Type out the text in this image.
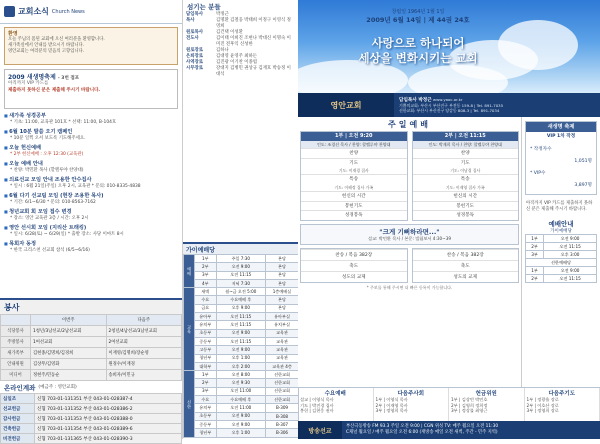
교회소식 Church News
환영

오늘 주님의 몸된 교회에 오신 여러분을 환영합니다.

새가족실에서 안내를 받으시기 바랍니다.

영안교회는 여러분의 믿음의 고향입니다.

2009 새생명축제 - 3번 접포

아직까지 VIP 카드를

제출하지 못하신 분은 제출해 주시기 바랍니다.

■ 새가족 성경공부
* 기초: 11:00, 교육관 101호 * 선택: 11:00, B-104호
■ 6월 10분 말씀 오기 캠페인
* 10분 일찍 오셔 보도록 기도해주세요.
■ 오늘 헌신예배
* 2부 헌신예배 : 오후 12:30 (교육관)
■ 오늘 예배 안내
* 찬양: 박민환 목사 (할렐루야 찬양대)
■ 의료선교 모임 안내 조용한 안수집사
* 일시 : 6월 21일(주일) 오후 2시, 교육관 * 문의: 010-8335-4838
■ 6월 다기 선교팀 모임 (현장 조용한 목사)
* 기간: 6/1~6/30 * 문의: 010-8563-7162
■ 청년교회 회 모임 접수 변경
* 장소: 영안 교육관 3층 / 시간: 오후 2시
■ 영안 선시회 모임 (지리산 트래킹)
* 일시: 6/28(토) ~ 6/29(일) * 출발 장소: 사당 이마트 8시
■ 목회자 동정
* 한국 크리스천 선교회 참석 (6/5~6/16)
봉사
	이번주	다음주
식당봉사	1청년/3남선교/2남선교회	2청년/4남선교/3남선교회
주방봉사	1여선교회	2여선교회
새가족부	김현종/김명희/김경희	이재영/김명희/장순영
안내위원	김상무/김영화	원경수/이재경
미디어	정현주/민동순	송희자/이민규
온라인계좌 (예금주 : 영안교회)
십일조	신협 703-01-131351 부산 043-01-028387-4
선교헌금	신협 703-01-131352 부산 043-01-028386-2
감사헌금	신협 703-01-131353 부산 043-01-028388-0
건축헌금	신협 703-01-131354 부산 043-01-028389-6
비전헌금	신협 703-01-131365 부산 043-01-028390-3
섬기는 분들
담임목사	박정근
목사	김명환 김철웅 박태희 이정구 이영식 정영희
원로목사	김건택 이성환
전도사	김이태 이희진 조현나 박대신 이명숙 이미진 전후익 신성한
원로장로	김하나
은퇴장로	김대영 윤영주 최하돈
사역장로	김진광 이기찬 이종엽
시무장로	강대지 김병민 권상규 김재호 박승정 이대석
가이예배당
예배	1부	주일 7:30	본당
	2부	오전 9:00	본당
	3부	오전 11:15	본당
	4부	저녁 7:30	본당
교육	새벽	월~금 오전 5:00	1층예배실
	수요	수요예배 후	본당
	금요	오후 9:00	본당
	유아부	오전 11:15	유아부실
	유치부	오전 11:15	유치부실
	초등부	오전 9:00	교육관
	중등부	오전 11:15	교육관
	고등부	오전 9:00	교육관
	청년부	오후 1:00	교육관
	대학부	오후 2:00	교육관 4층
선한	1부	오전 8:00	선한교회
	2부	오전 9:30	선한교회
	3부	오전 11:00	선한교회
	수요	수요예배 후	선한교회
	유치부	오전 11:00	B-309
	초등부	오전 9:00	B-308
	중등부	오전 9:00	B-307
	청년부	오후 1:00	B-306
창립일 1964년 1월 1일
2009년 6월 14일 | 제 44권 24호
사랑으로 하나되어
세상을 변화시키는 교회
영안교회	담임목사 박정근 www.yaoc.or.kr
기쁨의교회: 부산시 부산진구 부전동 159-8 | Tel. 891-7035
선한교회: 부산시 부산진구 당감동 808-3 | Tel. 891-7034
주일예배
1부 | 오전 9:20
인도: 조경선 목사 / 찬양: 할렐루야 찬양대
찬양
기도
기도: 이재경 집사
특송
기도: 이해정 집사 가족
헌신의 시간
봉헌기도
성경봉독
2부 | 오전 11:15
인도: 박재희 목사 / 찬양: 할렐루야 찬양대
찬양
기도
기도: 이남경 집사
특송
기도: 이재영 집사 가족
헌신의 시간
봉헌기도
성경봉독
"크게 기뻐하라면..."
설교: 박민환 목사 / 본문: 빌립보서 4:30~39
찬송 / 복음 382장
축도
성도의 교제
찬송 / 복음 382장
축도
성도의 교제
* 주보를 통해 주시면 더 빠른 등록이 가능합니다.
새생명 축제
VIP 1차 작정
* 작정자수
1,051명
* VIP수
3,897명
아직까지 VIP 카드를 제출하지 못하신 분은 제출해 주시기 바랍니다.
예배안내
가이예배당
1부	오전 9:00
2부	오전 11:15
3부	오후 3:00
선한예배당	
1부	오전 9:00
2부	오전 11:15
수요예배
설교 | 이영식 목사
기도 | 박진경 집사
봉헌 | 김현웅 권사
다음주사회
1부 | 이영식 목사
2부 | 이재영 목사
3부 | 정영희 목사
헌금위원
1부 | 김상빈 박민호
2부 | 김영희 정희정
3부 | 정상률 최영근
다음주기도
1부 | 정광율 장로
2부 | 이호산 장로
3부 | 정영희 장로
방송선교
부산극동방송 FM 93.3 주일 오전 9:00 | CGN 위성 TV: 매주 월요일 오전 11:30
C채널 월요일 / 매주 월요일 오전 6:00 (재방송 매일 오전 새벽, 주간 - 민주 지역)
